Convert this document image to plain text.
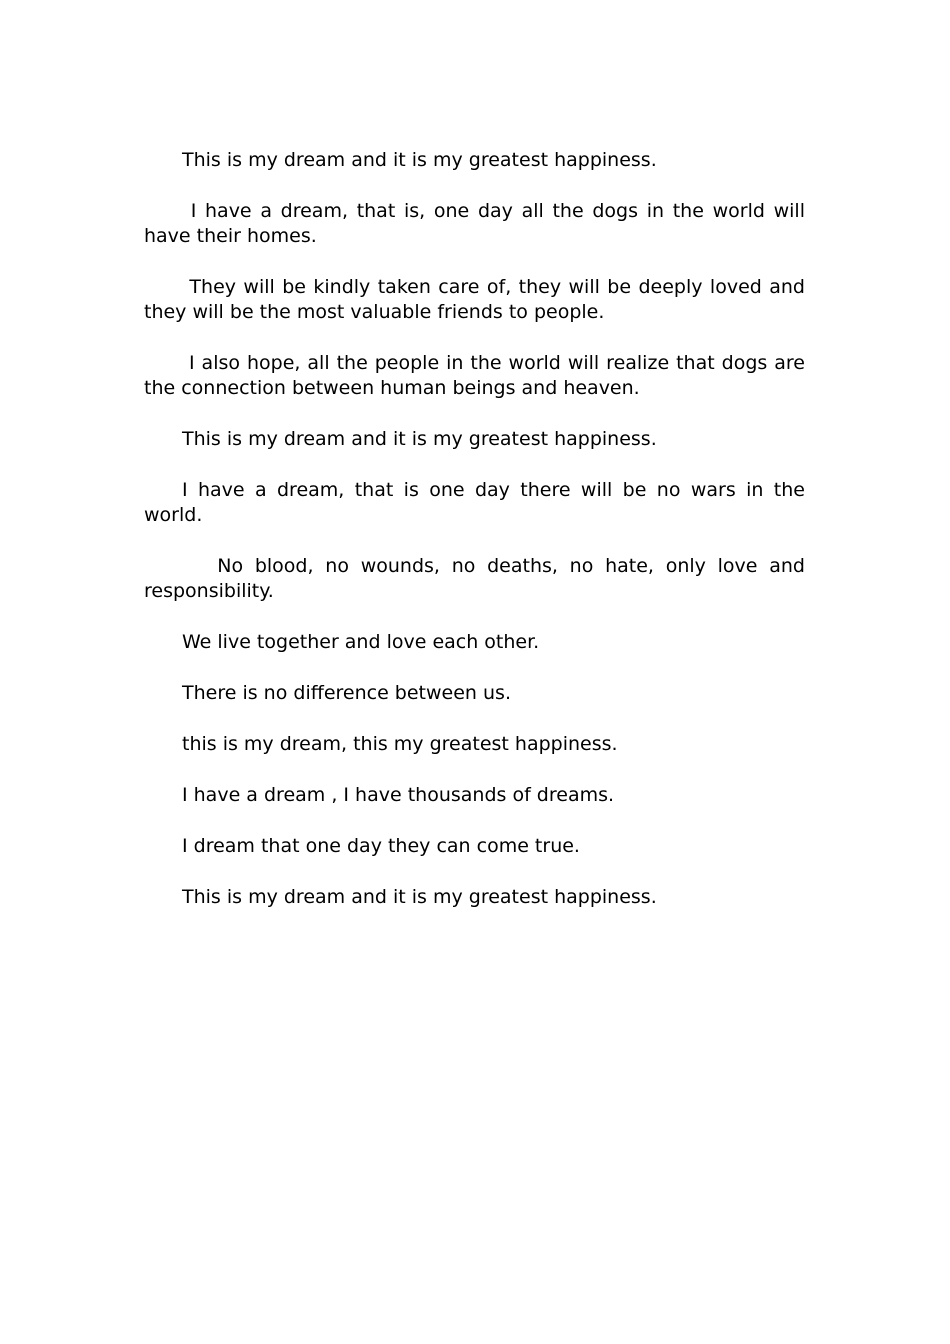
This is my dream and it is my greatest happiness.

I have a dream, that is, one day all the dogs in the world will have their homes.

They will be kindly taken care of, they will be deeply loved and they will be the most valuable friends to people.

I also hope, all the people in the world will realize that dogs are the connection between human beings and heaven.

This is my dream and it is my greatest happiness.

I have a dream, that is one day there will be no wars in the world.

No blood, no wounds, no deaths, no hate, only love and responsibility.

We live together and love each other.

There is no difference between us.

this is my dream, this my greatest happiness.

I have a dream , I have thousands of dreams.

I dream that one day they can come true.

This is my dream and it is my greatest happiness.
